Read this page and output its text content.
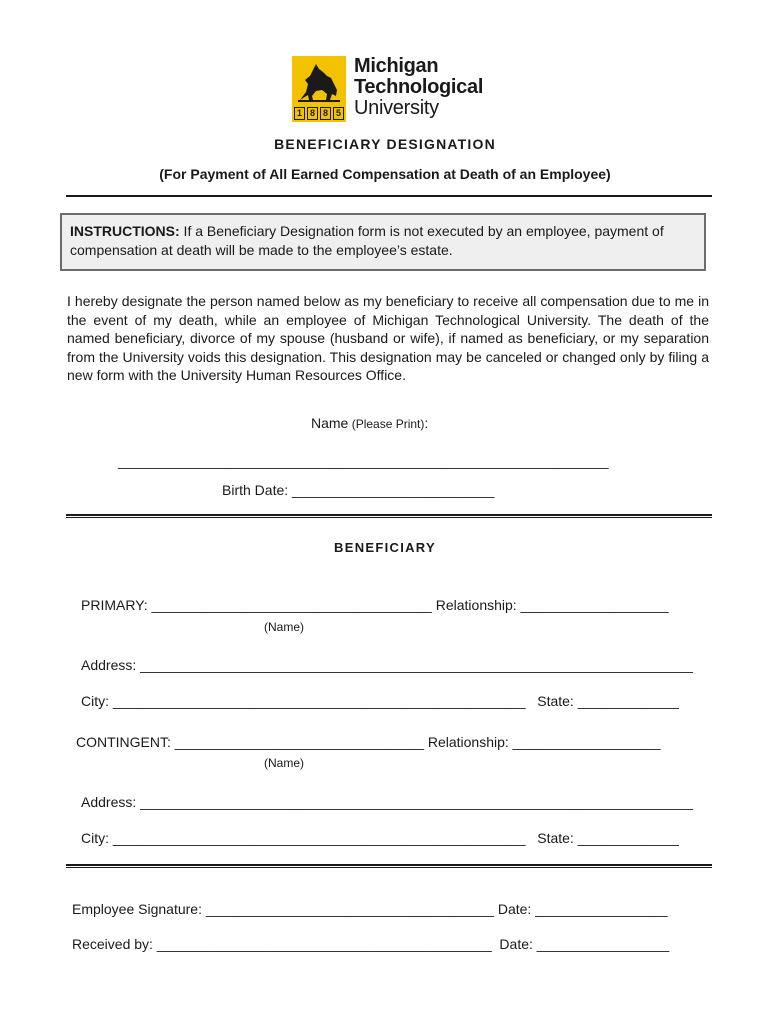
1 8 8 5
Michigan
Technological
University
BENEFICIARY DESIGNATION
(For Payment of All Earned Compensation at Death of an Employee)
INSTRUCTIONS: If a Beneficiary Designation form is not executed by an employee, payment of compensation at death will be made to the employee’s estate.
I hereby designate the person named below as my beneficiary to receive all compensation due to me in the event of my death, while an employee of Michigan Technological University. The death of the named beneficiary, divorce of my spouse (husband or wife), if named as beneficiary, or my separation from the University voids this designation. This designation may be canceled or changed only by filing a new form with the University Human Resources Office.
Name (Please Print):
_______________________________________________________________
Birth Date: __________________________
BENEFICIARY
PRIMARY: ____________________________________ Relationship: ___________________
(Name)
Address: _______________________________________________________________________
City: _____________________________________________________   State: _____________
CONTINGENT: ________________________________ Relationship: ___________________
(Name)
Address: _______________________________________________________________________
City: _____________________________________________________   State: _____________
Employee Signature: _____________________________________ Date: _________________
Received by: ___________________________________________  Date: _________________
